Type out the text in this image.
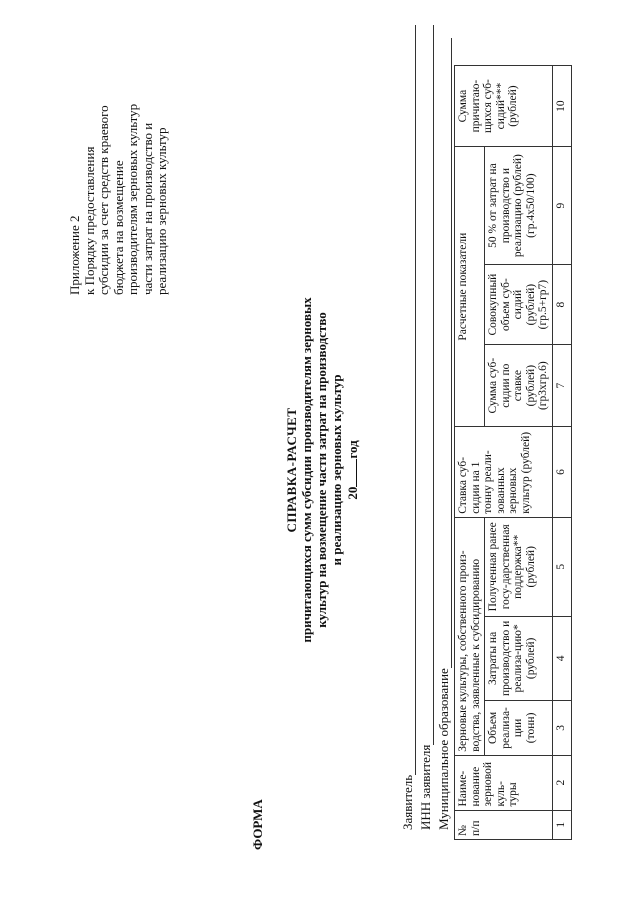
Приложение 2 к Порядку предоставления субсидии за счет средств краевого бюджета на возмещение производителям зерновых культур части затрат на производство и реализацию зерновых культур
ФОРМА
СПРАВКА-РАСЧЕТ причитающихся сумм субсидии производителям зерновых культур на возмещение части затрат на производство и реализацию зерновых культур 20год
Заявитель ИНН заявителя Муниципальное образование
№ п/п	Наиме-нование зерновой куль-туры	Зерновые культуры, собственного произ-водства, заявленные к субсидированию			Ставка суб-сидии на 1 тонну реали-зованных зерновых культур (рублей)	Расчетные показатели			Сумма причитаю-щихся суб-сидий*** (рублей)
		Объем реализа-ции (тонн)	Затраты на производство и реализа-цию* (рублей)	Полученная ранее госу-дарственная поддержка** (рублей)		Сумма суб-сидии по ставке (рублей) (гр3хгр.6)	Совокупный объем суб-сидий (рублей) (гр.5+гр7)	50 % от затрат на производство и реализацию (рублей) (гр.4х50/100)	
1	2	3	4	5	6	7	8	9	10
